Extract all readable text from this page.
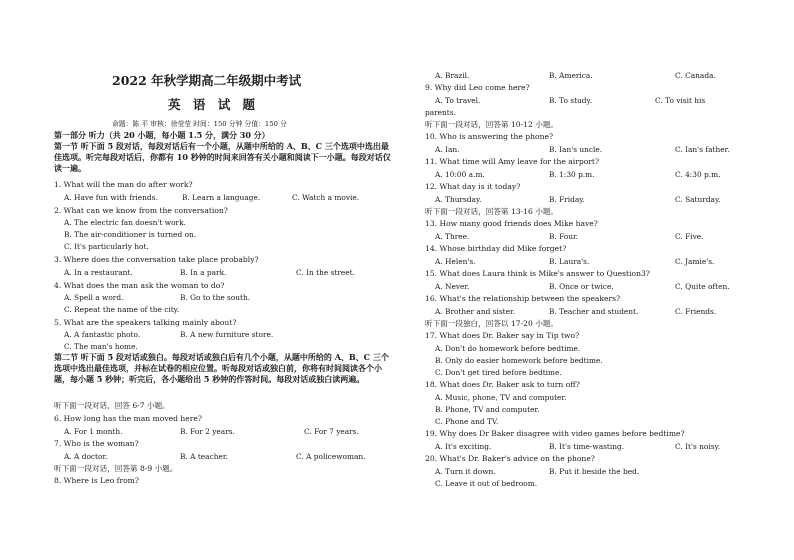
2022 年秋学期高二年级期中考试
英 语 试 题
命题：陈 平 审核：徐莹莹 时间：150 分钟 分值：150 分
第一部分 听力（共 20 小题，每小题 1.5 分，满分 30 分）
第一节 听下面 5 段对话，每段对话后有一个小题，从题中所给的 A、B、C 三个选项中选出最佳选项。听完每段对话后，你都有 10 秒钟的时间来回答有关小题和阅读下一小题。每段对话仅读一遍。
1. What will the man do after work?
A. Have fun with friends.	B. Learn a language.	C. Watch a movie.
2. What can we know from the conversation?
A. The electric fan doesn't work.
B. The air-conditioner is turned on.
C. It's particularly hot.
3. Where does the conversation take place probably?
A. In a restaurant.	B. In a park.	C. In the street.
4. What does the man ask the woman to do?
A. Spell a word.	B. Go to the south.
C. Repeat the name of the city.
5. What are the speakers talking mainly about?
A. A fantastic photo.	B. A new furniture store.
C. The man's home.
第二节 听下面 5 段对话或独白。每段对话或独白后有几个小题，从题中所给的 A、B、C 三个选项中选出最佳选项，并标在试卷的相应位置。听每段对话或独白前，你将有时间阅读各个小题，每小题 5 秒钟；听完后，各小题给出 5 秒钟的作答时间。每段对话或独白读两遍。
听下面一段对话，回答 6-7 小题。
6. How long has the man moved here?
A. For 1 month.	B. For 2 years.	C. For 7 years.
7. Who is the woman?
A. A doctor.	B. A teacher.	C. A policewoman.
听下面一段对话，回答第 8-9 小题。
8. Where is Leo from?
A. Brazil.	B. America.	C. Canada.
9. Why did Leo come here?
A. To travel.	B. To study.	C. To visit his
parents.
听下面一段对话，回答第 10-12 小题。
10. Who is answering the phone?
A. Ian.	B. Ian's uncle.	C. Ian's father.
11. What time will Amy leave for the airport?
A. 10:00 a.m.	B. 1:30 p.m.	C. 4:30 p.m.
12. What day is it today?
A. Thursday.	B. Friday.	C. Saturday.
听下面一段对话，回答第 13-16 小题。
13. How many good friends does Mike have?
A. Three.	B. Four.	C. Five.
14. Whose birthday did Mike forget?
A. Helen's.	B. Laura's.	C. Jamie's.
15. What does Laura think is Mike's answer to Question3?
A. Never.	B. Once or twice.	C. Quite often.
16. What's the relationship between the speakers?
A. Brother and sister.	B. Teacher and student.	C. Friends.
听下面一段独白，回答以 17-20 小题。
17. What does Dr. Baker say in Tip two?
A. Don't do homework before bedtime.
B. Only do easier homework before bedtime.
C. Don't get tired before bedtime.
18. What does Dr. Baker ask to turn off?
A. Music, phone, TV and computer.
B. Phone, TV and computer.
C. Phone and TV.
19. Why does Dr Baker disagree with video games before bedtime?
A. It's exciting.	B. It's time-wasting.	C. It's noisy.
20. What's Dr. Baker's advice on the phone?
A. Turn it down.	B. Put it beside the bed.
C. Leave it out of bedroom.
